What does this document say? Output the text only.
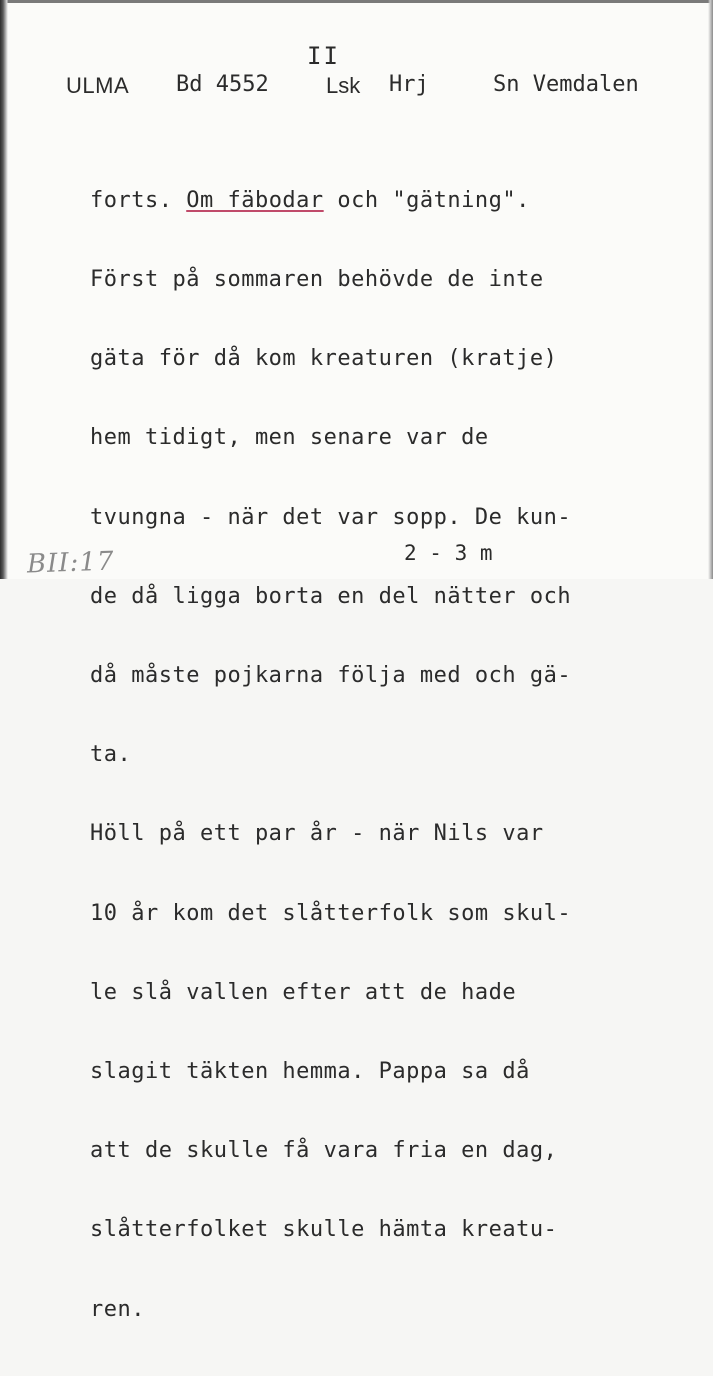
II
ULMA Bd 4552	Lsk Hrj	Sn Vemdalen

forts. Om fäbodar och "gätning".

Först på sommaren behövde de inte

gäta för då kom kreaturen (kratje)

hem tidigt, men senare var de

tvungna - när det var sopp. De kun-

de då ligga borta en del nätter och

då måste pojkarna följa med och gä-

ta.

Höll på ett par år - när Nils var

10 år kom det slåtterfolk som skul-

le slå vallen efter att de hade

slagit täkten hemma. Pappa sa då

att de skulle få vara fria en dag,

slåtterfolket skulle hämta kreatu-

ren.

2 - 3 m
BII:17
